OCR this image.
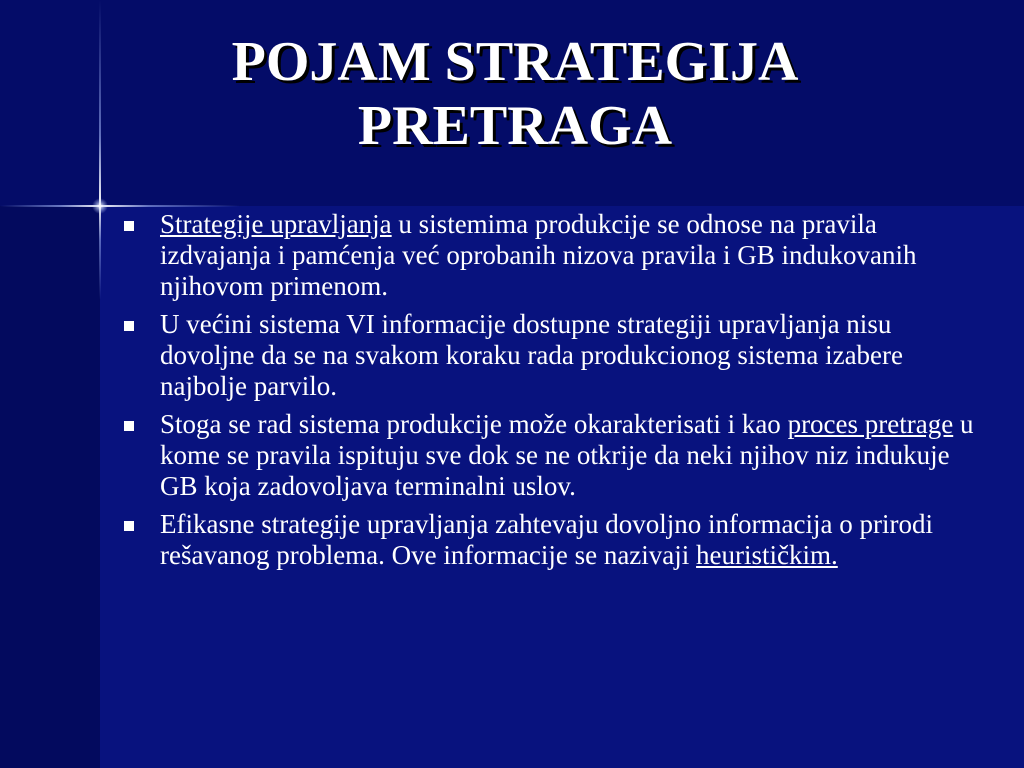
POJAM STRATEGIJA
PRETRAGA
Strategije upravljanja u sistemima produkcije se odnose na pravila izdvajanja i pamćenja već oprobanih nizova pravila i GB indukovanih njihovom primenom.
U većini sistema VI informacije dostupne strategiji upravljanja nisu dovoljne da se na svakom koraku rada produkcionog sistema izabere najbolje parvilo.
Stoga se rad sistema produkcije može okarakterisati i kao proces pretrage u kome se pravila ispituju sve dok se ne otkrije da neki njihov niz indukuje GB koja zadovoljava terminalni uslov.
Efikasne strategije upravljanja zahtevaju dovoljno informacija o prirodi rešavanog problema. Ove informacije se nazivaji heurističkim.
